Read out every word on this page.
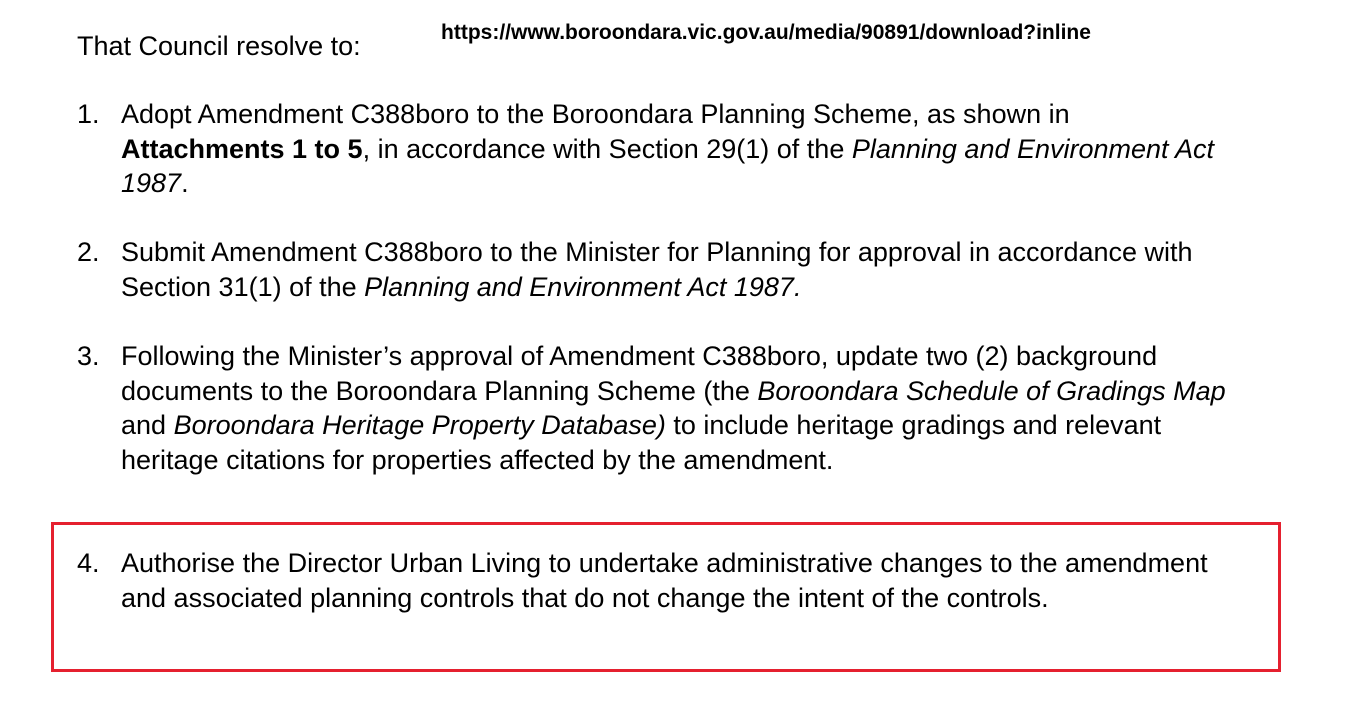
That Council resolve to:	https://www.boroondara.vic.gov.au/media/90891/download?inline

1. Adopt Amendment C388boro to the Boroondara Planning Scheme, as shown in Attachments 1 to 5, in accordance with Section 29(1) of the Planning and Environment Act 1987.
2. Submit Amendment C388boro to the Minister for Planning for approval in accordance with Section 31(1) of the Planning and Environment Act 1987.
3. Following the Minister’s approval of Amendment C388boro, update two (2) background documents to the Boroondara Planning Scheme (the Boroondara Schedule of Gradings Map and Boroondara Heritage Property Database) to include heritage gradings and relevant heritage citations for properties affected by the amendment.
4. Authorise the Director Urban Living to undertake administrative changes to the amendment and associated planning controls that do not change the intent of the controls.
